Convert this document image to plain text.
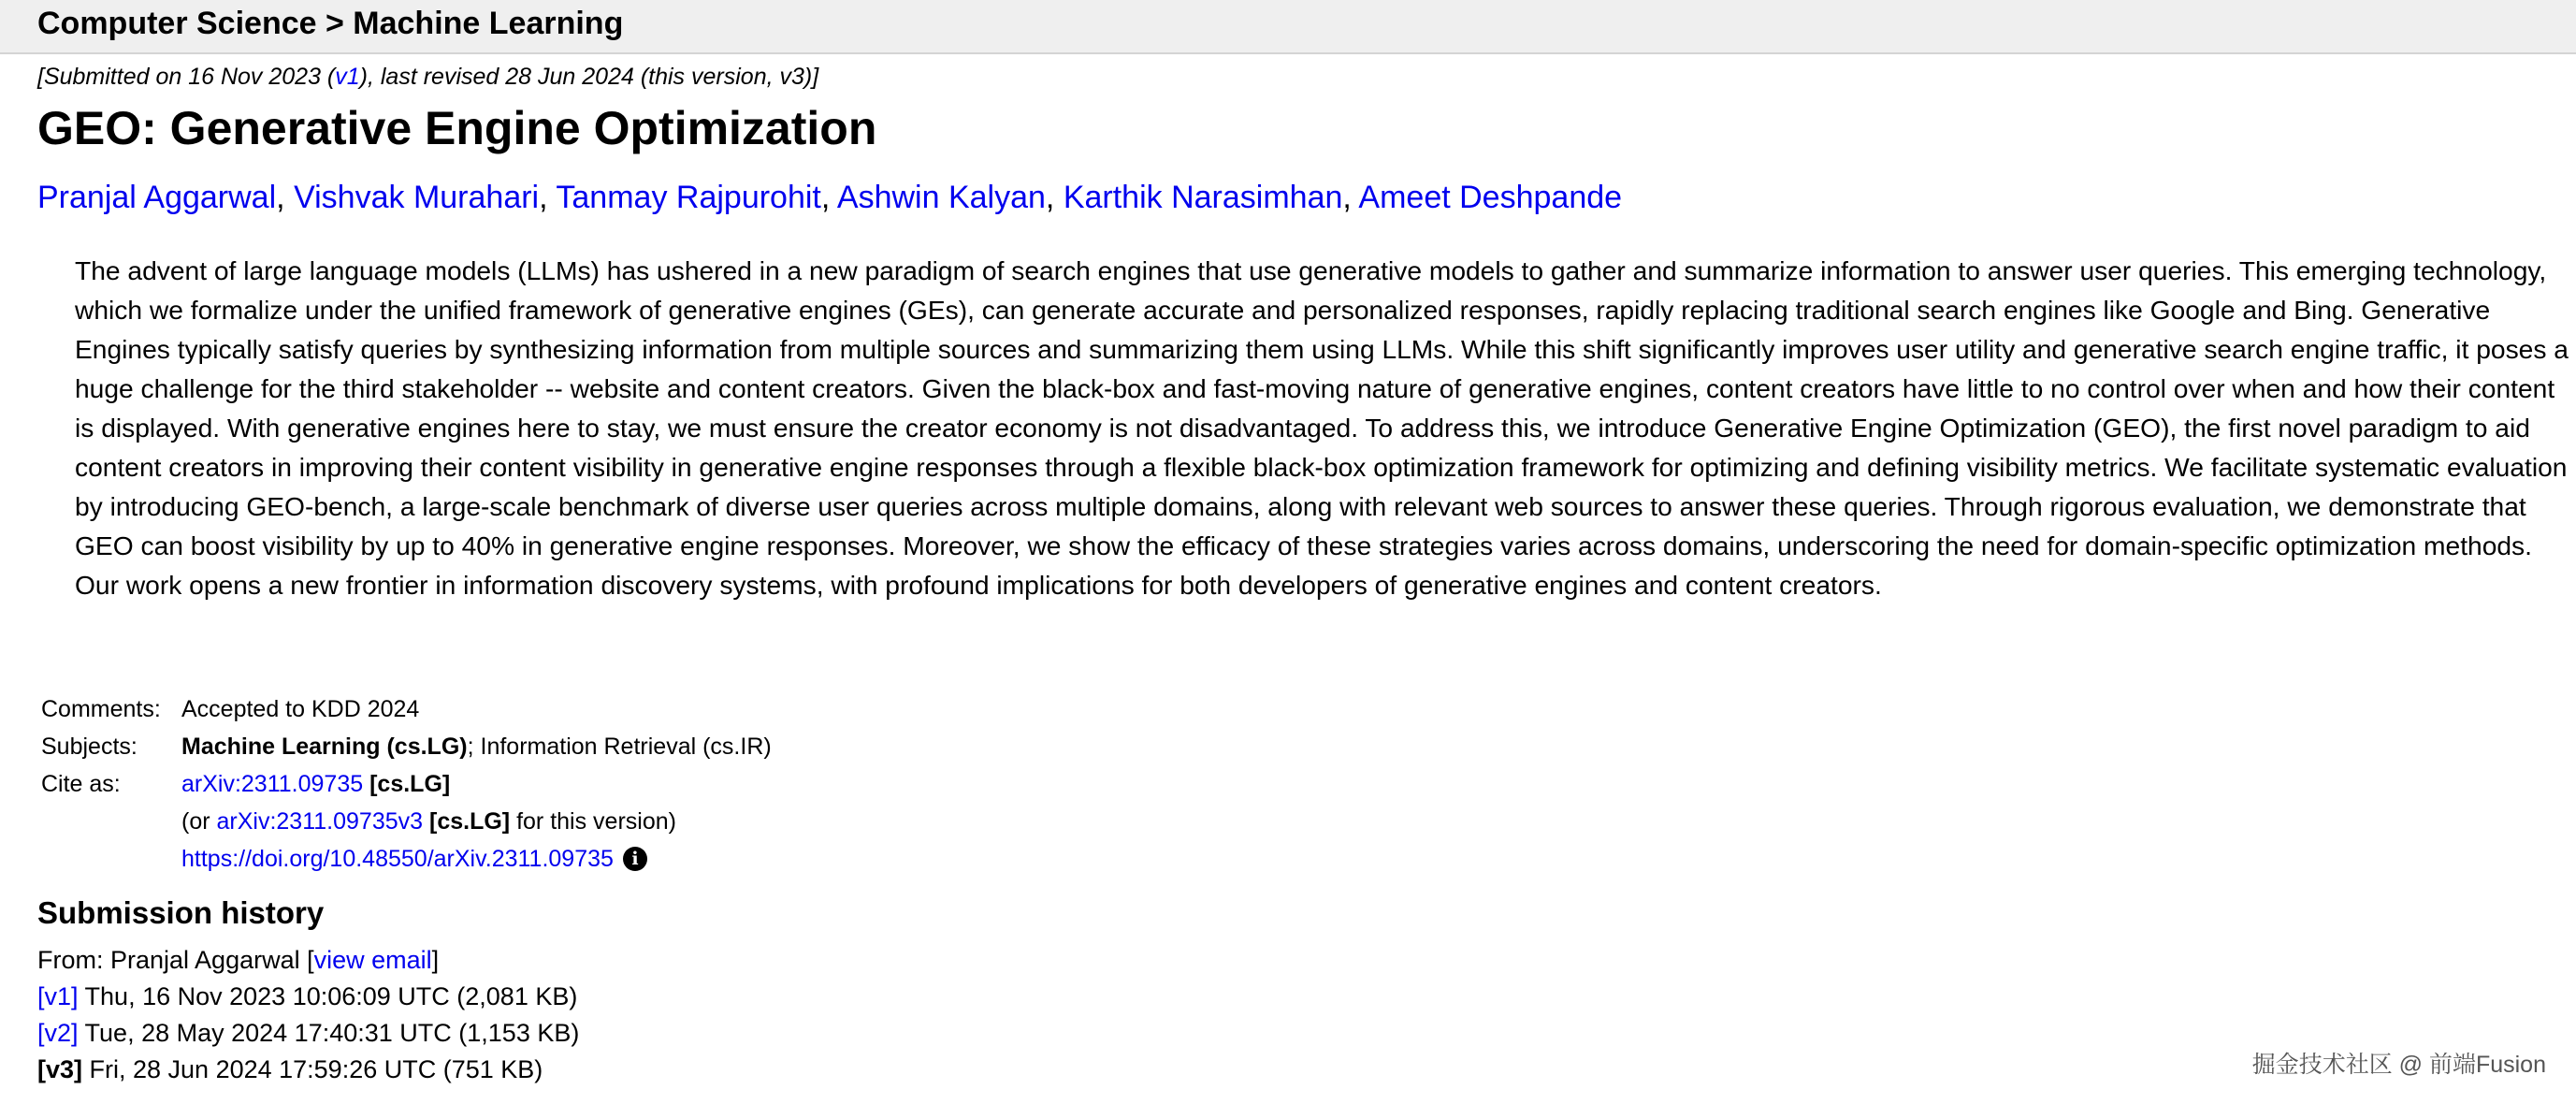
Computer Science > Machine Learning
[Submitted on 16 Nov 2023 (v1), last revised 28 Jun 2024 (this version, v3)]
GEO: Generative Engine Optimization
Pranjal Aggarwal, Vishvak Murahari, Tanmay Rajpurohit, Ashwin Kalyan, Karthik Narasimhan, Ameet Deshpande

The advent of large language models (LLMs) has ushered in a new paradigm of search engines that use generative models to gather and summarize information to answer user queries. This emerging technology, which we formalize under the unified framework of generative engines (GEs), can generate accurate and personalized responses, rapidly replacing traditional search engines like Google and Bing. Generative Engines typically satisfy queries by synthesizing information from multiple sources and summarizing them using LLMs. While this shift significantly improves user utility and generative search engine traffic, it poses a huge challenge for the third stakeholder -- website and content creators. Given the black-box and fast-moving nature of generative engines, content creators have little to no control over when and how their content is displayed. With generative engines here to stay, we must ensure the creator economy is not disadvantaged. To address this, we introduce Generative Engine Optimization (GEO), the first novel paradigm to aid content creators in improving their content visibility in generative engine responses through a flexible black-box optimization framework for optimizing and defining visibility metrics. We facilitate systematic evaluation by introducing GEO-bench, a large-scale benchmark of diverse user queries across multiple domains, along with relevant web sources to answer these queries. Through rigorous evaluation, we demonstrate that GEO can boost visibility by up to 40% in generative engine responses. Moreover, we show the efficacy of these strategies varies across domains, underscoring the need for domain-specific optimization methods. Our work opens a new frontier in information discovery systems, with profound implications for both developers of generative engines and content creators.

Comments:	Accepted to KDD 2024
Subjects:	Machine Learning (cs.LG); Information Retrieval (cs.IR)
Cite as:	arXiv:2311.09735 [cs.LG]
	(or arXiv:2311.09735v3 [cs.LG] for this version)
	https://doi.org/10.48550/arXiv.2311.09735 i
Submission history
From: Pranjal Aggarwal [view email]
[v1] Thu, 16 Nov 2023 10:06:09 UTC (2,081 KB)
[v2] Tue, 28 May 2024 17:40:31 UTC (1,153 KB)
[v3] Fri, 28 Jun 2024 17:59:26 UTC (751 KB)	掘金技术社区 @ 前端Fusion
